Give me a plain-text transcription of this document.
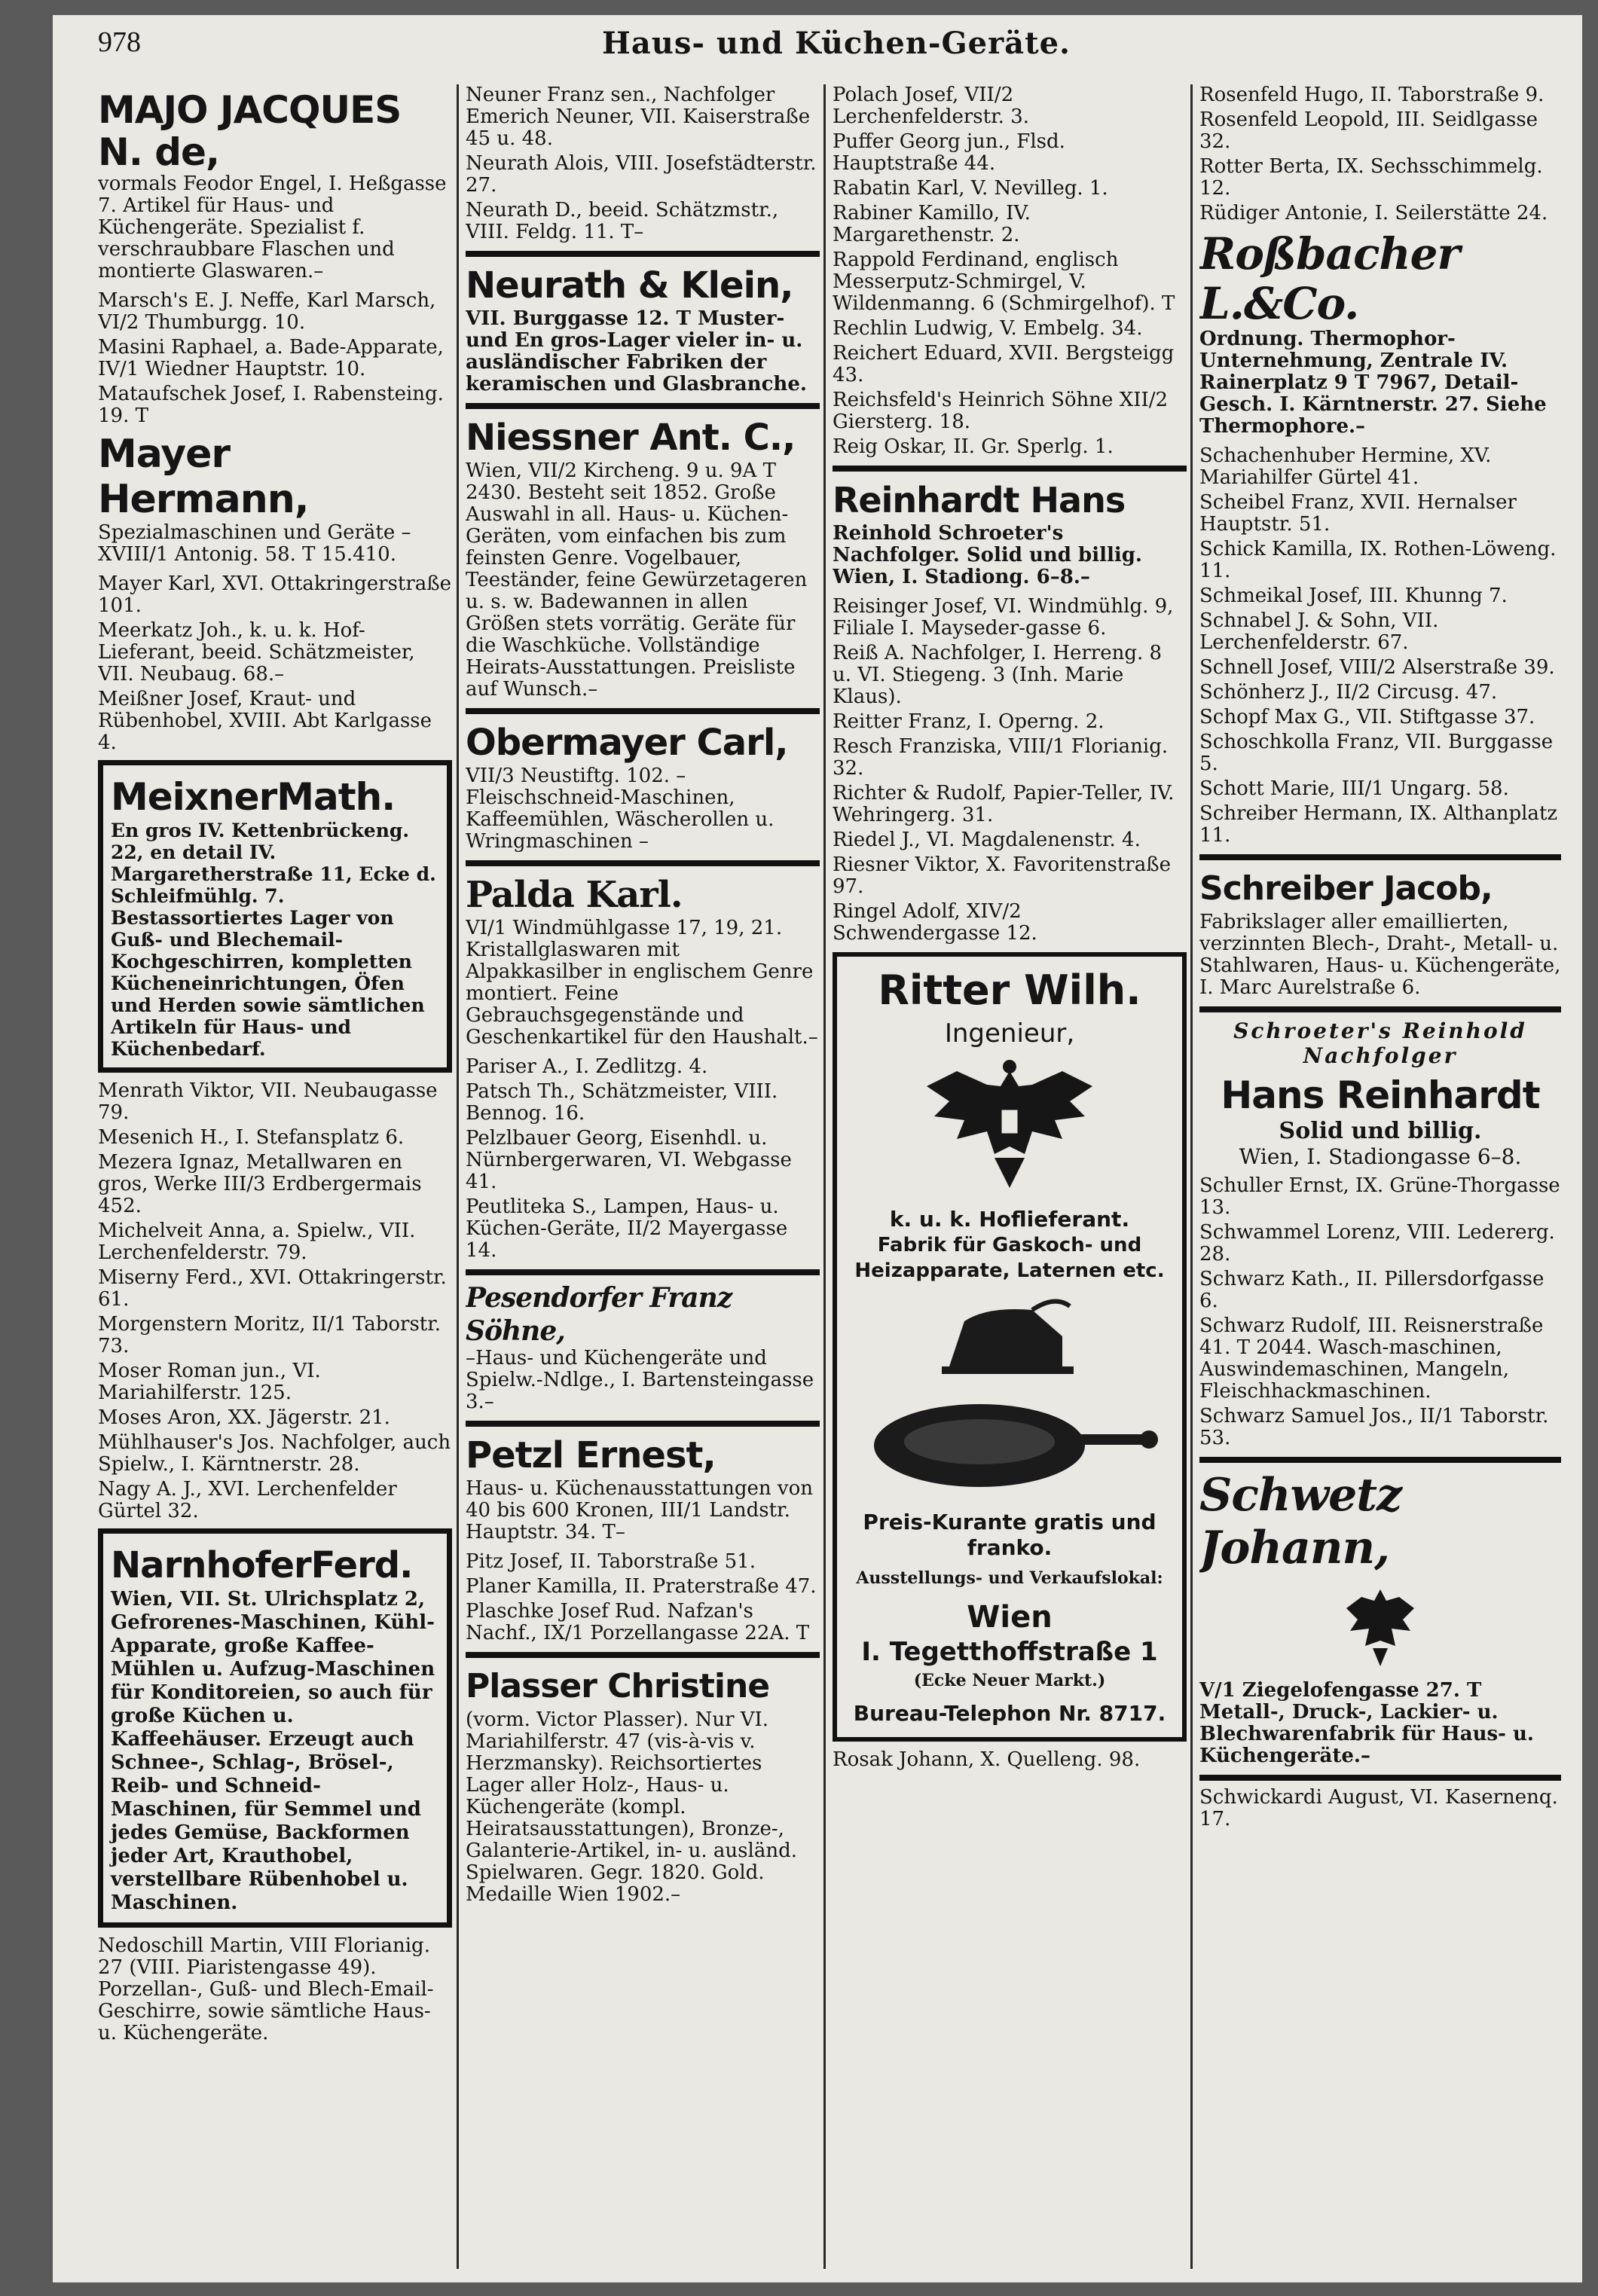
978	Haus- und Küchen-Geräte.
MAJO JACQUES N. de,
vormals Feodor Engel, I. Heßgasse 7. Artikel für Haus- und Küchengeräte. Spezialist f. verschraubbare Flaschen und montierte Glaswaren.–
Marsch's E. J. Neffe, Karl Marsch, VI/2 Thumburgg. 10.
Masini Raphael, a. Bade-Apparate, IV/1 Wiedner Hauptstr. 10.
Mataufschek Josef, I. Rabensteing. 19. T
Mayer Hermann,
Spezialmaschinen und Geräte – XVIII/1 Antonig. 58. T 15.410.
Mayer Karl, XVI. Ottakringerstraße 101.
Meerkatz Joh., k. u. k. Hof-Lieferant, beeid. Schätzmeister, VII. Neubaug. 68.–
Meißner Josef, Kraut- und Rübenhobel, XVIII. Abt Karlgasse 4.
MeixnerMath.
En gros IV. Kettenbrückeng. 22, en detail IV. Margaretherstraße 11, Ecke d. Schleifmühlg. 7. Bestassortiertes Lager von Guß- und Blechemail-Kochgeschirren, kompletten Kücheneinrichtungen, Öfen und Herden sowie sämtlichen Artikeln für Haus- und Küchenbedarf.
Menrath Viktor, VII. Neubaugasse 79.
Mesenich H., I. Stefansplatz 6.
Mezera Ignaz, Metallwaren en gros, Werke III/3 Erdbergermais 452.
Michelveit Anna, a. Spielw., VII. Lerchenfelderstr. 79.
Miserny Ferd., XVI. Ottakringerstr. 61.
Morgenstern Moritz, II/1 Taborstr. 73.
Moser Roman jun., VI. Mariahilferstr. 125.
Moses Aron, XX. Jägerstr. 21.
Mühlhauser's Jos. Nachfolger, auch Spielw., I. Kärntnerstr. 28.
Nagy A. J., XVI. Lerchenfelder Gürtel 32.
NarnhoferFerd.
Wien, VII. St. Ulrichsplatz 2, Gefrorenes-Maschinen, Kühl-Apparate, große Kaffee-Mühlen u. Aufzug-Maschinen für Konditoreien, so auch für große Küchen u. Kaffeehäuser. Erzeugt auch Schnee-, Schlag-, Brösel-, Reib- und Schneid-Maschinen, für Semmel und jedes Gemüse, Backformen jeder Art, Krauthobel, verstellbare Rübenhobel u. Maschinen.
Nedoschill Martin, VIII Florianig. 27 (VIII. Piaristengasse 49). Porzellan-, Guß- und Blech-Email-Geschirre, sowie sämtliche Haus- u. Küchengeräte.
Neuner Franz sen., Nachfolger Emerich Neuner, VII. Kaiserstraße 45 u. 48.
Neurath Alois, VIII. Josefstädterstr. 27.
Neurath D., beeid. Schätzmstr., VIII. Feldg. 11. T–
Neurath & Klein,
VII. Burggasse 12. T Muster- und En gros-Lager vieler in- u. ausländischer Fabriken der keramischen und Glasbranche.
Niessner Ant. C.,
Wien, VII/2 Kircheng. 9 u. 9A T 2430. Besteht seit 1852. Große Auswahl in all. Haus- u. Küchen-Geräten, vom einfachen bis zum feinsten Genre. Vogelbauer, Teeständer, feine Gewürzetageren u. s. w. Badewannen in allen Größen stets vorrätig. Geräte für die Waschküche. Vollständige Heirats-Ausstattungen. Preisliste auf Wunsch.–
Obermayer Carl,
VII/3 Neustiftg. 102. –Fleischschneid-Maschinen, Kaffeemühlen, Wäscherollen u. Wringmaschinen –
Palda Karl.
VI/1 Windmühlgasse 17, 19, 21. Kristallglaswaren mit Alpakkasilber in englischem Genre montiert. Feine Gebrauchsgegenstände und Geschenkartikel für den Haushalt.–
Pariser A., I. Zedlitzg. 4.
Patsch Th., Schätzmeister, VIII. Bennog. 16.
Pelzlbauer Georg, Eisenhdl. u. Nürnbergerwaren, VI. Webgasse 41.
Peutliteka S., Lampen, Haus- u. Küchen-Geräte, II/2 Mayergasse 14.
Pesendorfer Franz Söhne,
–Haus- und Küchengeräte und Spielw.-Ndlge., I. Bartensteingasse 3.–
Petzl Ernest,
Haus- u. Küchenausstattungen von 40 bis 600 Kronen, III/1 Landstr. Hauptstr. 34. T–
Pitz Josef, II. Taborstraße 51.
Planer Kamilla, II. Praterstraße 47.
Plaschke Josef Rud. Nafzan's Nachf., IX/1 Porzellangasse 22A. T
Plasser Christine
(vorm. Victor Plasser). Nur VI. Mariahilferstr. 47 (vis-à-vis v. Herzmansky). Reichsortiertes Lager aller Holz-, Haus- u. Küchengeräte (kompl. Heiratsausstattungen), Bronze-, Galanterie-Artikel, in- u. ausländ. Spielwaren. Gegr. 1820. Gold. Medaille Wien 1902.–
Polach Josef, VII/2 Lerchenfelderstr. 3.
Puffer Georg jun., Flsd. Hauptstraße 44.
Rabatin Karl, V. Nevilleg. 1.
Rabiner Kamillo, IV. Margarethenstr. 2.
Rappold Ferdinand, englisch Messerputz-Schmirgel, V. Wildenmanng. 6 (Schmirgelhof). T
Rechlin Ludwig, V. Embelg. 34.
Reichert Eduard, XVII. Bergsteigg 43.
Reichsfeld's Heinrich Söhne XII/2 Giersterg. 18.
Reig Oskar, II. Gr. Sperlg. 1.
Reinhardt Hans
Reinhold Schroeter's Nachfolger. Solid und billig. Wien, I. Stadiong. 6–8.–
Reisinger Josef, VI. Windmühlg. 9, Filiale I. Mayseder-gasse 6.
Reiß A. Nachfolger, I. Herreng. 8 u. VI. Stiegeng. 3 (Inh. Marie Klaus).
Reitter Franz, I. Operng. 2.
Resch Franziska, VIII/1 Florianig. 32.
Richter & Rudolf, Papier-Teller, IV. Wehringerg. 31.
Riedel J., VI. Magdalenenstr. 4.
Riesner Viktor, X. Favoritenstraße 97.
Ringel Adolf, XIV/2 Schwendergasse 12.
Ritter Wilh.
Ingenieur,
k. u. k. Hoflieferant.
Fabrik für Gaskoch- und Heizapparate, Laternen etc.
Preis-Kurante gratis und franko.
Ausstellungs- und Verkaufslokal:
Wien
I. Tegetthoffstraße 1
(Ecke Neuer Markt.)
Bureau-Telephon Nr. 8717.
Rosak Johann, X. Quelleng. 98.
Rosenfeld Hugo, II. Taborstraße 9.
Rosenfeld Leopold, III. Seidlgasse 32.
Rotter Berta, IX. Sechsschimmelg. 12.
Rüdiger Antonie, I. Seilerstätte 24.
Roßbacher L.&Co.
Ordnung. Thermophor-Unternehmung, Zentrale IV. Rainerplatz 9 T 7967, Detail-Gesch. I. Kärntnerstr. 27. Siehe Thermophore.–
Schachenhuber Hermine, XV. Mariahilfer Gürtel 41.
Scheibel Franz, XVII. Hernalser Hauptstr. 51.
Schick Kamilla, IX. Rothen-Löweng. 11.
Schmeikal Josef, III. Khunng 7.
Schnabel J. & Sohn, VII. Lerchenfelderstr. 67.
Schnell Josef, VIII/2 Alserstraße 39.
Schönherz J., II/2 Circusg. 47.
Schopf Max G., VII. Stiftgasse 37.
Schoschkolla Franz, VII. Burggasse 5.
Schott Marie, III/1 Ungarg. 58.
Schreiber Hermann, IX. Althanplatz 11.
Schreiber Jacob,
Fabrikslager aller emaillierten, verzinnten Blech-, Draht-, Metall- u. Stahlwaren, Haus- u. Küchengeräte, I. Marc Aurelstraße 6.
Schroeter's Reinhold Nachfolger
Hans Reinhardt
Solid und billig.
Wien, I. Stadiongasse 6–8.
Schuller Ernst, IX. Grüne-Thorgasse 13.
Schwammel Lorenz, VIII. Ledererg. 28.
Schwarz Kath., II. Pillersdorfgasse 6.
Schwarz Rudolf, III. Reisnerstraße 41. T 2044. Wasch-maschinen, Auswindemaschinen, Mangeln, Fleischhackmaschinen.
Schwarz Samuel Jos., II/1 Taborstr. 53.
Schwetz Johann,
V/1 Ziegelofengasse 27. T Metall-, Druck-, Lackier- u. Blechwarenfabrik für Haus- u. Küchengeräte.–
Schwickardi August, VI. Kasernenq. 17.
